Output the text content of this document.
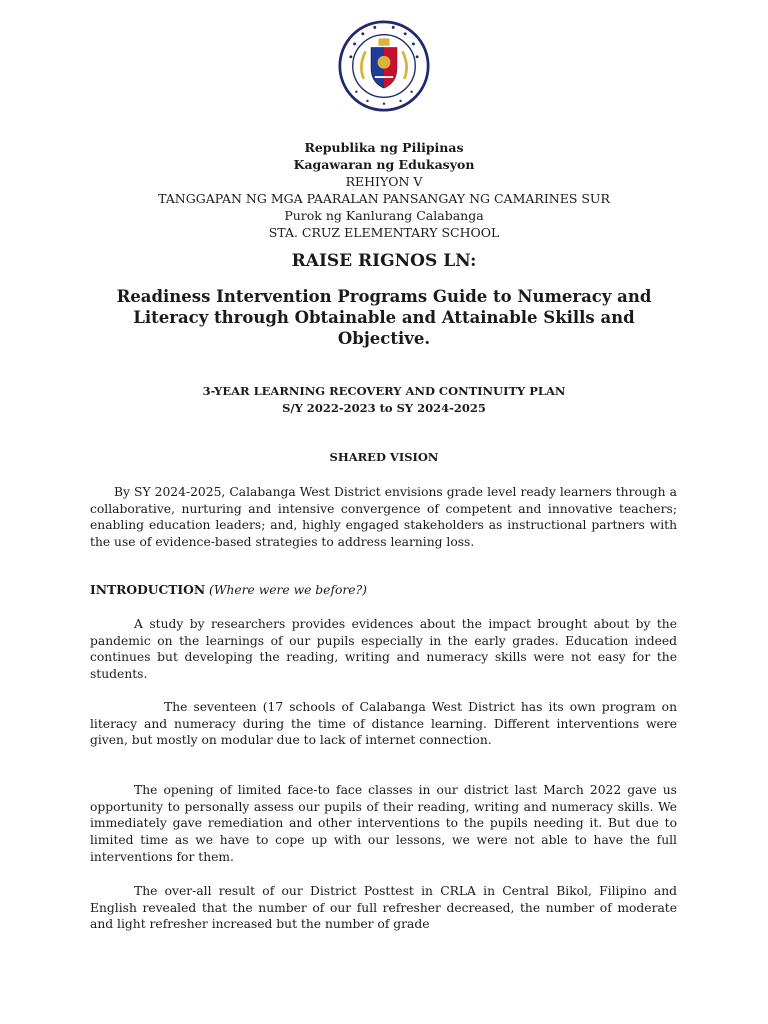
Republika ng Pilipinas
Kagawaran ng Edukasyon
REHIYON V
TANGGAPAN NG MGA PAARALAN PANSANGAY NG CAMARINES SUR
Purok ng Kanlurang Calabanga
STA. CRUZ ELEMENTARY SCHOOL
RAISE RIGNOS LN:
Readiness Intervention Programs Guide to Numeracy and Literacy through Obtainable and Attainable Skills and Objective.
3-YEAR LEARNING RECOVERY AND CONTINUITY PLAN
S/Y 2022-2023 to SY 2024-2025
SHARED VISION
By SY 2024-2025, Calabanga West District envisions grade level ready learners through a collaborative, nurturing and intensive convergence of competent and innovative teachers; enabling education leaders; and, highly engaged stakeholders as instructional partners with the use of evidence-based strategies to address learning loss.
INTRODUCTION (Where were we before?)
A study by researchers provides evidences about the impact brought about by the pandemic on the learnings of our pupils especially in the early grades. Education indeed continues but developing the reading, writing and numeracy skills were not easy for the students.
The seventeen (17 schools of Calabanga West District has its own program on literacy and numeracy during the time of distance learning. Different interventions were given, but mostly on modular due to lack of internet connection.
The opening of limited face-to face classes in our district last March 2022 gave us opportunity to personally assess our pupils of their reading, writing and numeracy skills. We immediately gave remediation and other interventions to the pupils needing it. But due to limited time as we have to cope up with our lessons, we were not able to have the full interventions for them.
The over-all result of our District Posttest in CRLA in Central Bikol, Filipino and English revealed that the number of our full refresher decreased, the number of moderate and light refresher increased but the number of grade
